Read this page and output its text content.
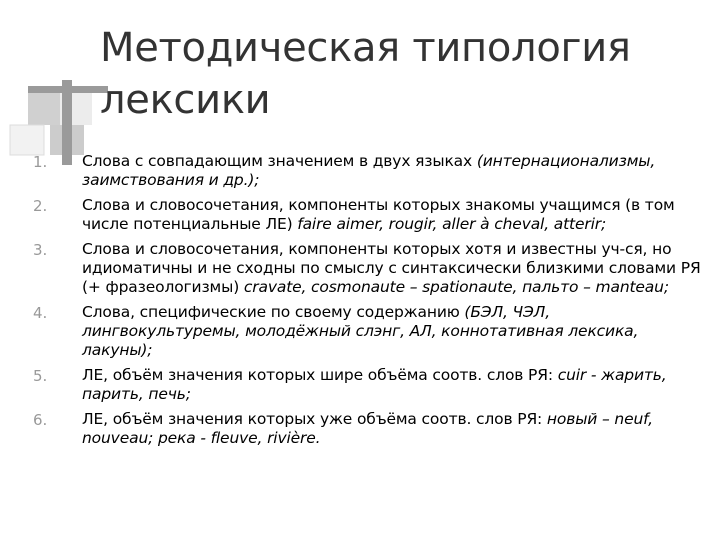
Методическая типология
лексики
1. Слова с совпадающим значением в двух языках (интернационализмы, заимствования и др.);
2. Слова и словосочетания, компоненты которых знакомы учащимся (в том числе потенциальные ЛЕ) faire aimer, rougir, aller à cheval, atterir;
3. Слова и словосочетания, компоненты которых хотя и известны уч-ся, но идиоматичны и не сходны по смыслу с синтаксически близкими словами РЯ (+ фразеологизмы) cravate, cosmonaute – spationaute, пальто – manteau;
4. Слова, специфические по своему содержанию (БЭЛ, ЧЭЛ, лингвокультуремы, молодёжный слэнг, АЛ, коннотативная лексика, лакуны);
5. ЛЕ, объём значения которых шире объёма соотв. слов РЯ: cuir - жарить, парить, печь;
6. ЛЕ, объём значения которых уже объёма соотв. слов РЯ: новый – neuf, nouveau; река - fleuve, rivière.
